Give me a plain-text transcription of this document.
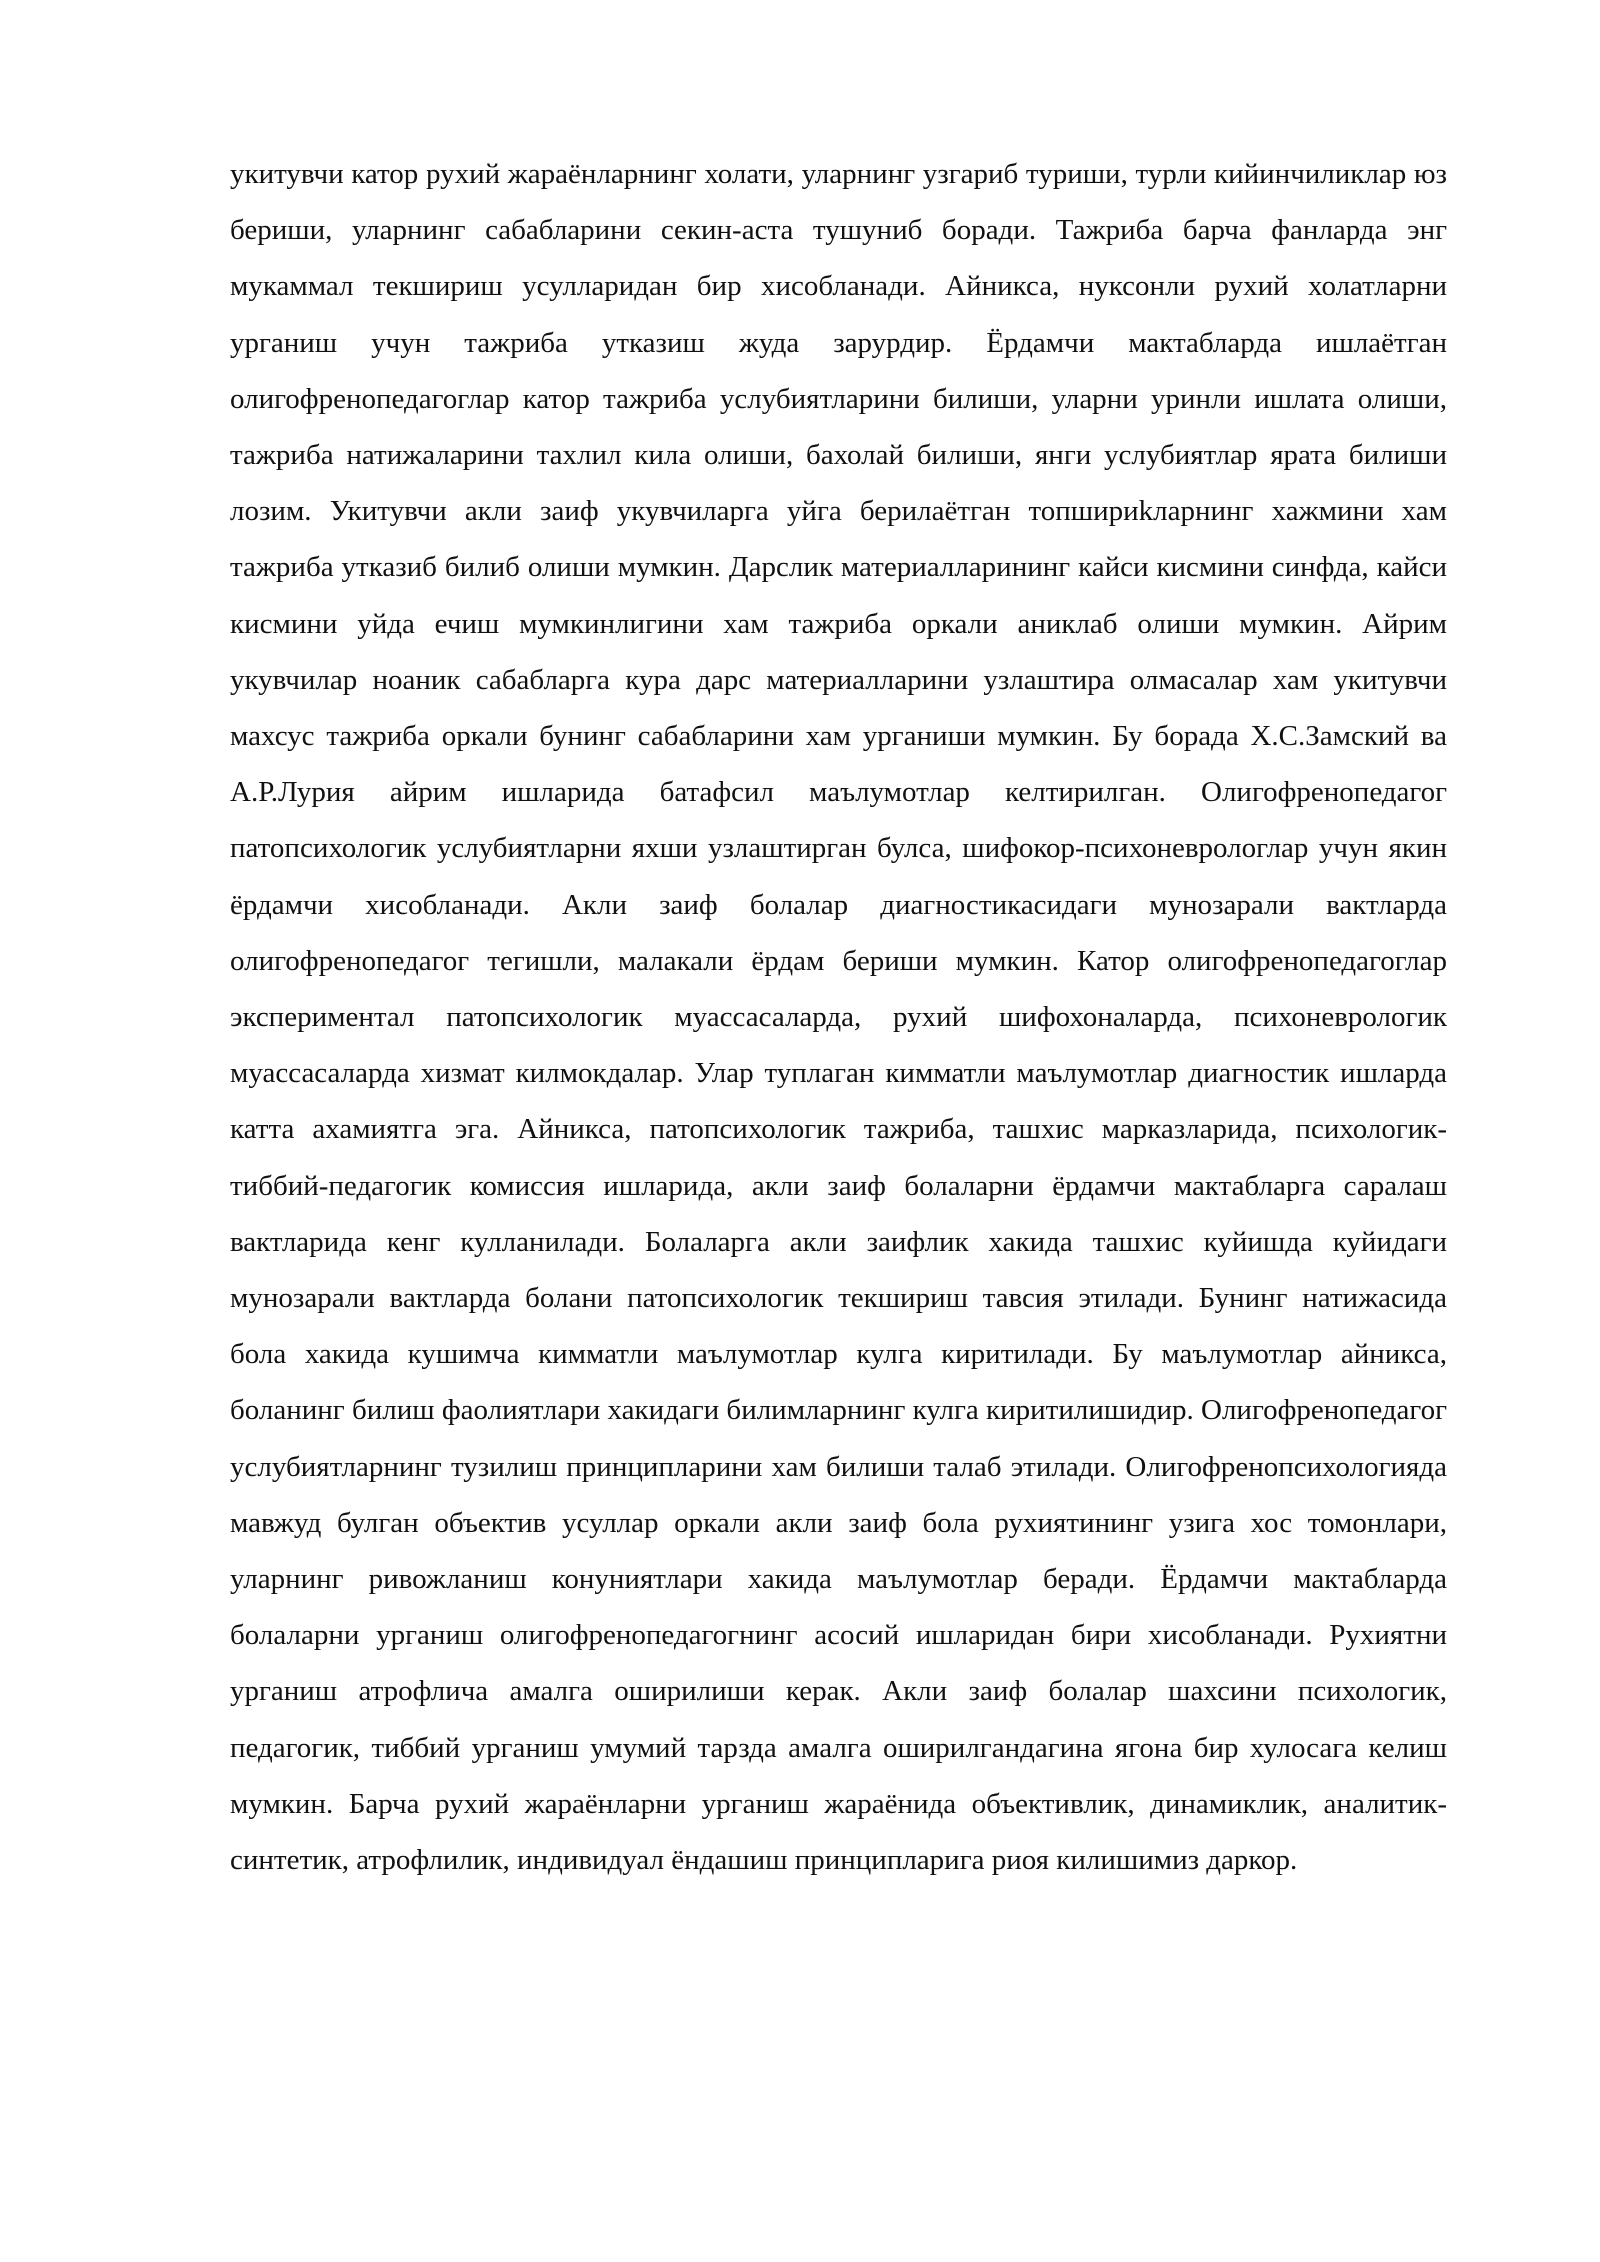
укитувчи катор рухий жараёнларнинг холати, уларнинг узгариб туриши, турли кийинчиликлар юз бериши, уларнинг сабабларини секин-аста тушуниб боради. Тажриба барча фанларда энг мукаммал текшириш усулларидан бир хисобланади. Айникса, нуксонли рухий холатларни урганиш учун тажриба утказиш жуда зарурдир. Ёрдамчи мактабларда ишлаётган олигофренопедагоглар катор тажриба услубиятларини билиши, уларни уринли ишлата олиши, тажриба натижаларини тахлил кила олиши, бахолай билиши, янги услубиятлар ярата билиши лозим. Укитувчи акли заиф укувчиларга уйга берилаётган топшириkларнинг хажмини хам тажриба утказиб билиб олиши мумкин. Дарслик материалларининг кайси кисмини синфда, кайси кисмини уйда ечиш мумкинлигини хам тажриба оркали аниклаб олиши мумкин. Айрим укувчилар ноаник сабабларга кура дарс материалларини узлаштира олмасалар хам укитувчи махсус тажриба оркали бунинг сабабларини хам урганиши мумкин. Бу борада Х.С.Замский ва А.Р.Лурия айрим ишларида батафсил маълумотлар келтирилган. Олигофренопедагог патопсихологик услубиятларни яхши узлаштирган булса, шифокор-психоневрологлар учун якин ёрдамчи хисобланади. Акли заиф болалар диагностикасидаги мунозарали вактларда олигофренопедагог тегишли, малакали ёрдам бериши мумкин. Катор олигофренопедагоглар экспериментал патопсихологик муассасаларда, рухий шифохоналарда, психоневрологик муассасаларда хизмат килмокдалар. Улар туплаган кимматли маълумотлар диагностик ишларда катта ахамиятга эга. Айникса, патопсихологик тажриба, ташхис марказларида, психологик-тиббий-педагогик комиссия ишларида, акли заиф болаларни ёрдамчи мактабларга саралаш вактларида кенг кулланилади. Болаларга акли заифлик хакида ташхис куйишда куйидаги мунозарали вактларда болани патопсихологик текшириш тавсия этилади. Бунинг натижасида бола хакида кушимча кимматли маълумотлар кулга киритилади. Бу маълумотлар айникса, боланинг билиш фаолиятлари хакидаги билимларнинг кулга киритилишидир. Олигофренопедагог услубиятларнинг тузилиш принципларини хам билиши талаб этилади. Олигофренопсихологияда мавжуд булган объектив усуллар оркали акли заиф бола рухиятининг узига хос томонлари, уларнинг ривожланиш конуниятлари хакида маълумотлар беради. Ёрдамчи мактабларда болаларни урганиш олигофренопедагогнинг асосий ишларидан бири хисобланади. Рухиятни урганиш атрофлича амалга оширилиши керак. Акли заиф болалар шахсини психологик, педагогик, тиббий урганиш умумий тарзда амалга оширилгандагина ягона бир хулосага келиш мумкин. Барча рухий жараёнларни урганиш жараёнида объективлик, динамиклик, аналитик-синтетик, атрофлилик, индивидуал ёндашиш принципларига риоя килишимиз даркор.
